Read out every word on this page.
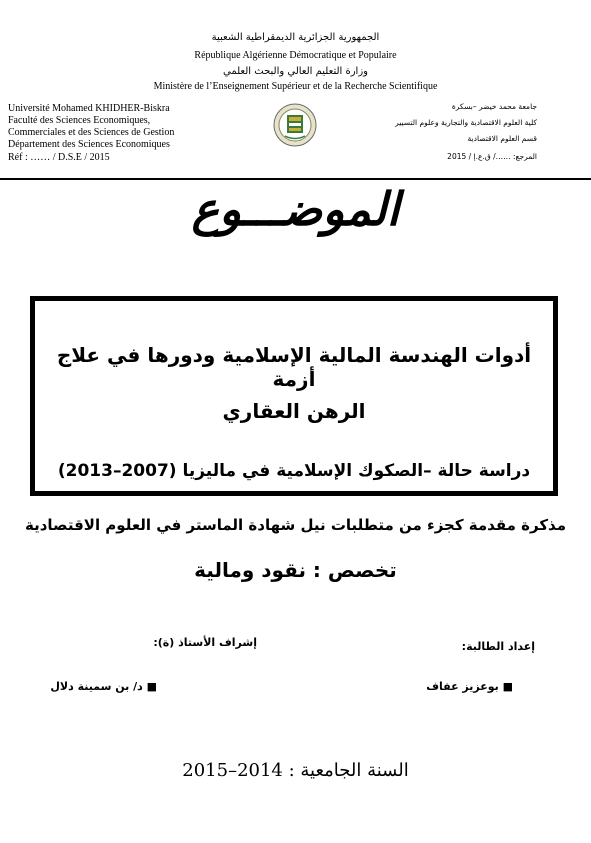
الجمهورية الجزائرية الديمقراطية الشعبية
République Algérienne Démocratique et Populaire
وزارة التعليم العالي والبحث العلمي
Ministère de l’Enseignement Supérieur et de la Recherche Scientifique
Université Mohamed KHIDHER-Biskra
Faculté des Sciences Economiques,
Commerciales et des Sciences de Gestion
Département des Sciences Economiques
Réf : …… / D.S.E / 2015
جامعة محمد خيضر –بسكرة
كلية العلوم الاقتصادية والتجارية وعلوم التسيير
قسم العلوم الاقتصادية
المرجع: ……/ ق.ع.إ / 2015
الموضـــوع
أدوات الهندسة المالية الإسلامية ودورها في علاج أزمة
الرهن العقاري
دراسة حالة –الصكوك الإسلامية في ماليزيا (2007–2013)
مذكرة مقدمة كجزء من متطلبات نيل شهادة الماستر في العلوم الاقتصادية
تخصص : نقود ومالية
إعداد الطالبة:
إشراف الأستاذ (ة):
■ بوعزيز عفاف
■ د/ بن سمينة دلال
السنة الجامعية : 2014–2015
